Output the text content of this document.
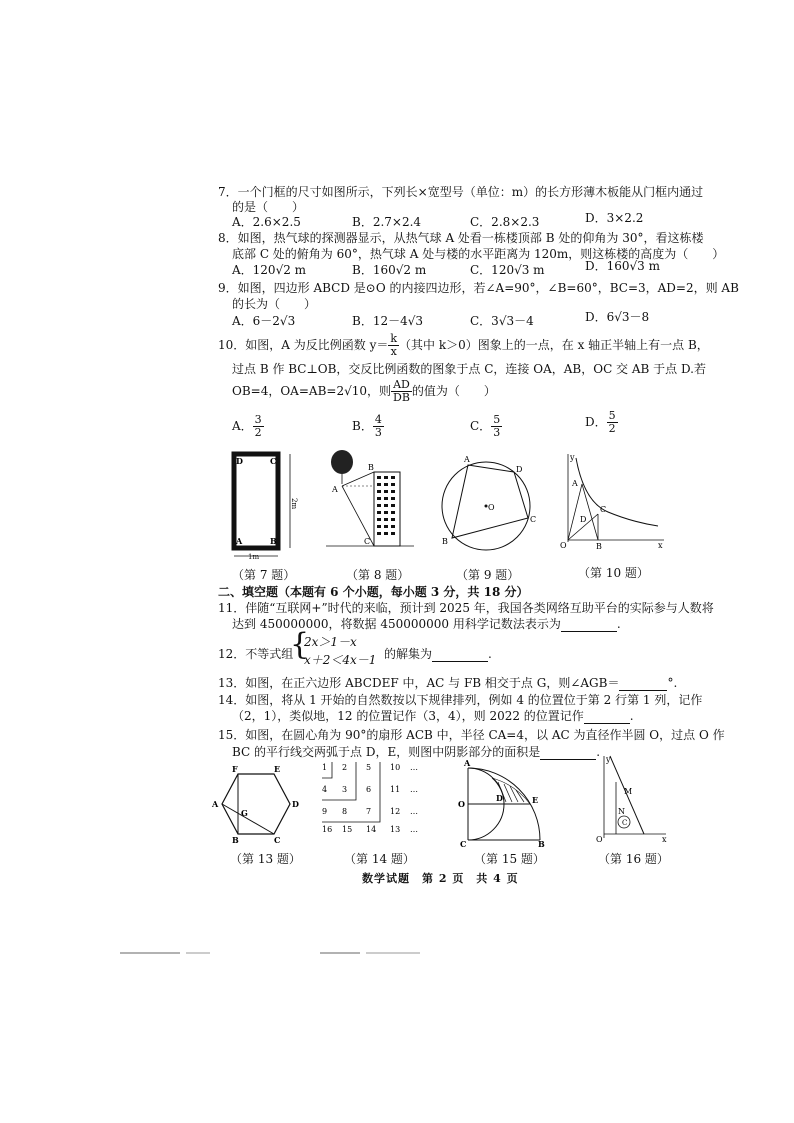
7．一个门框的尺寸如图所示，下列长×宽型号（单位：m）的长方形薄木板能从门框内通过
的是（　　）
A．2.6×2.5	B．2.7×2.4	C．2.8×2.3	D．3×2.2
8．如图，热气球的探测器显示，从热气球 A 处看一栋楼顶部 B 处的仰角为 30°，看这栋楼
底部 C 处的俯角为 60°，热气球 A 处与楼的水平距离为 120m，则这栋楼的高度为（　　）
A．120√2 m	B．160√2 m	C．120√3 m	D．160√3 m
9．如图，四边形 ABCD 是⊙O 的内接四边形，若∠A=90°，∠B=60°，BC=3，AD=2，则 AB
的长为（　　）
A．6－2√3	B．12－4√3	C．3√3－4	D．6√3－8
10．如图，A 为反比例函数 $y= \frac{k}{x}$ （其中 k＞0）图象上的一点，在 x 轴正半轴上有一点 B，
过点 B 作 BC⊥OB，交反比例函数的图象于点 C，连接 OA，AB，OC 交 AB 于点 D.若
OB=4，OA=AB=2√10，则 $\frac{AD}{DB}$ 的值为（　　）
A． $\frac{3}{2}$	B． $\frac{4}{3}$	C． $\frac{5}{3}$	D． $\frac{5}{2}$
D	C
A	B
2m
1m
A
B
C
A
D
C
B
O
y
x
O
A
B
C
D
（第 7 题）	（第 8 题）	（第 9 题）	（第 10 题）
二、填空题（本题有 6 个小题，每小题 3 分，共 18 分）
11．伴随“互联网+”时代的来临，预计到 2025 年，我国各类网络互助平台的实际参与人数将
达到 450000000，将数据 450000000 用科学记数法表示为	.
12．不等式组
{
2x＞1－x
x＋2＜4x－1 的解集为	.
13．如图，在正六边形 ABCDEF 中，AC 与 FB 相交于点 G，则∠AGB＝	°.
14．如图，将从 1 开始的自然数按以下规律排列，例如 4 的位置位于第 2 行第 1 列，记作
（2，1），类似地，12 的位置记作（3，4），则 2022 的位置记作	.
15．如图，在圆心角为 90°的扇形 ACB 中，半径 CA=4，以 AC 为直径作半圆 O，过点 O 作
BC 的平行线交两弧于点 D，E，则图中阴影部分的面积是	.
F	E
A
G
D
B	C
1 2 5 10 …
4 3 6 11 …
9 8 7 12 …
16 15 14 13 …
A
O
D	E
C	B
y
x
O
M
N
C
（第 13 题）	（第 14 题）	（第 15 题）	（第 16 题）
数学试题　第 2 页　共 4 页
